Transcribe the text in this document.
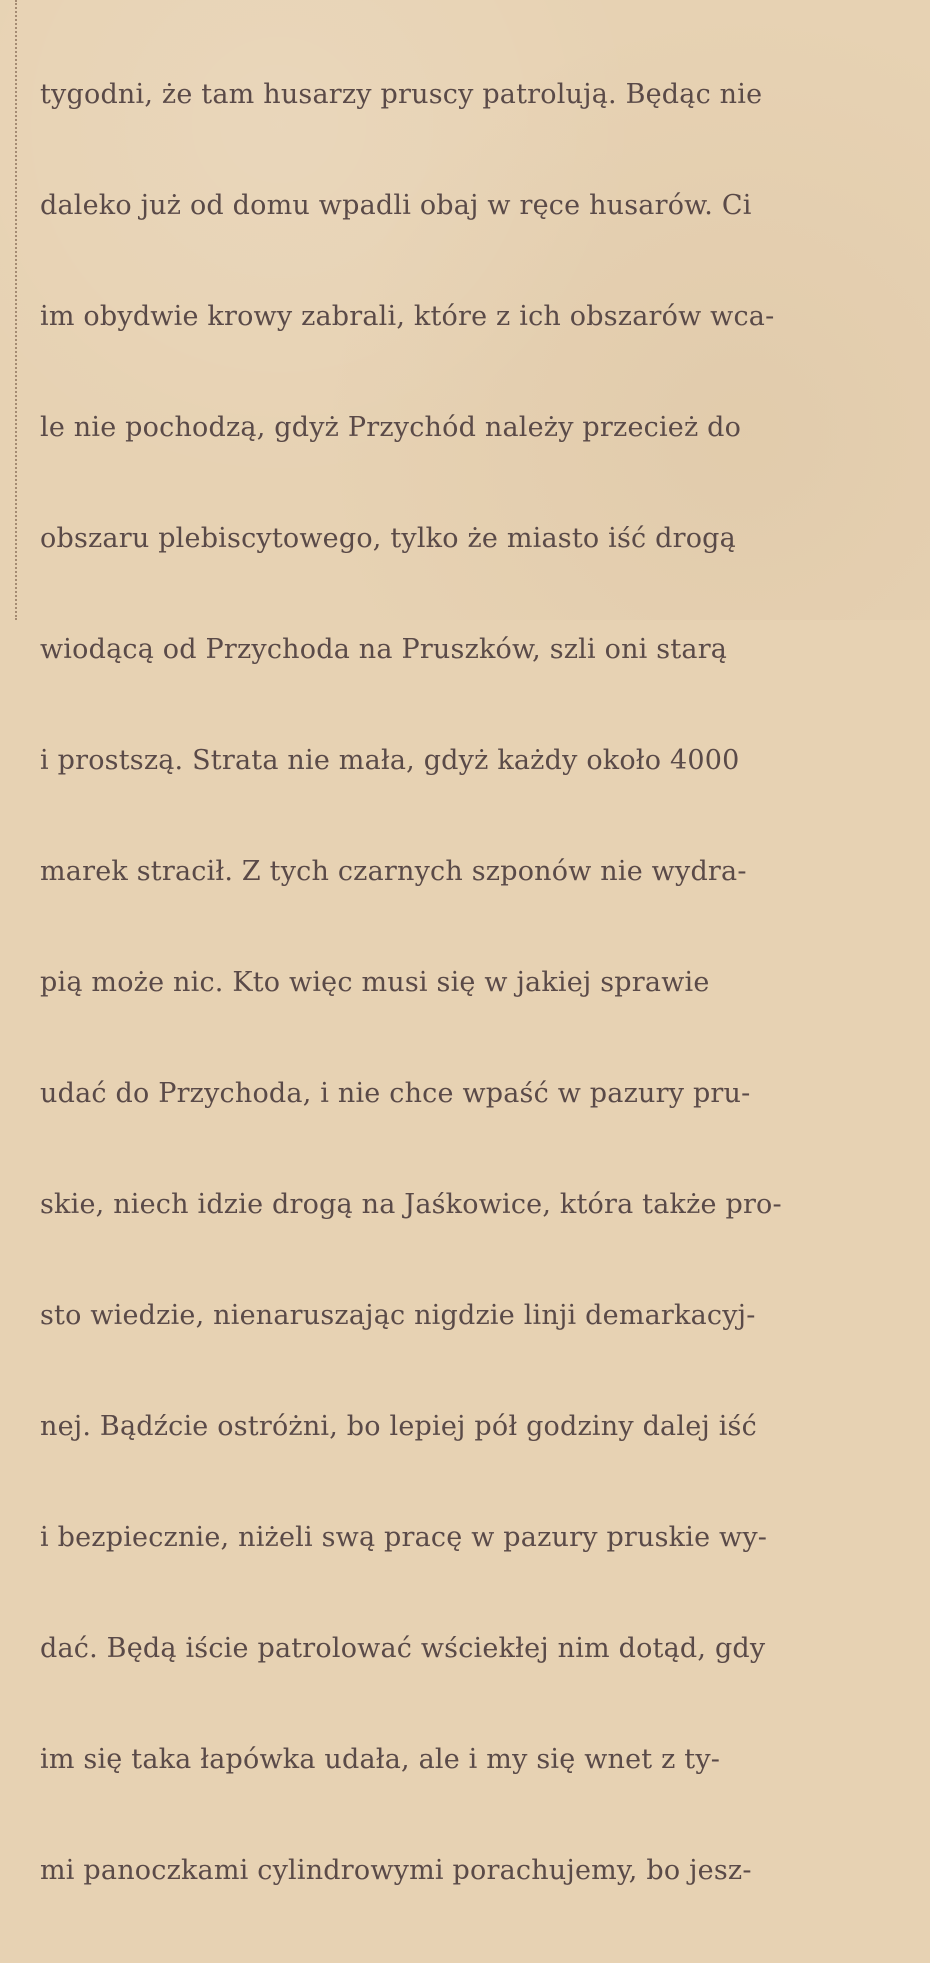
tygodni, że tam husarzy pruscy patrolują. Będąc nie

daleko już od domu wpadli obaj w ręce husarów. Ci

im obydwie krowy zabrali, które z ich obszarów wca-

le nie pochodzą, gdyż Przychód należy przecież do

obszaru plebiscytowego, tylko że miasto iść drogą

wiodącą od Przychoda na Pruszków, szli oni starą

i prostszą. Strata nie mała, gdyż każdy około 4000

marek stracił. Z tych czarnych szponów nie wydra-

pią może nic. Kto więc musi się w jakiej sprawie

udać do Przychoda, i nie chce wpaść w pazury pru-

skie, niech idzie drogą na Jaśkowice, która także pro-

sto wiedzie, nienaruszając nigdzie linji demarkacyj-

nej. Bądźcie ostróżni, bo lepiej pół godziny dalej iść

i bezpiecznie, niżeli swą pracę w pazury pruskie wy-

dać. Będą iście patrolować wściekłej nim dotąd, gdy

im się taka łapówka udała, ale i my się wnet z ty-

mi panoczkami cylindrowymi porachujemy, bo jesz-
